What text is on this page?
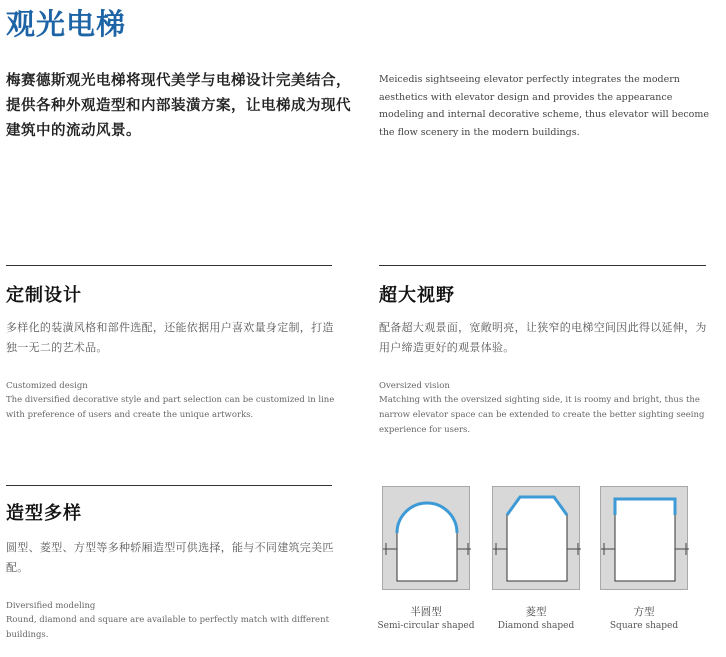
观光电梯
梅赛德斯观光电梯将现代美学与电梯设计完美结合，提供各种外观造型和内部装潢方案，让电梯成为现代建筑中的流动风景。
Meicedis sightseeing elevator perfectly integrates the modern aesthetics with elevator design and provides the appearance modeling and internal decorative scheme, thus elevator will become the flow scenery in the modern buildings.
定制设计
多样化的装潢风格和部件选配，还能依据用户喜欢量身定制，打造独一无二的艺术品。
Customized design
The diversified decorative style and part selection can be customized in line with preference of users and create the unique artworks.
超大视野
配备超大观景面，宽敞明亮，让狭窄的电梯空间因此得以延伸，为用户缔造更好的观景体验。
Oversized vision
Matching with the oversized sighting side, it is roomy and bright, thus the narrow elevator space can be extended to create the better sighting seeing experience for users.
造型多样
圆型、菱型、方型等多种轿厢造型可供选择，能与不同建筑完美匹配。
Diversified modeling
Round, diamond and square are available to perfectly match with different buildings.
半圆型
Semi-circular shaped
菱型
Diamond shaped
方型
Square shaped
